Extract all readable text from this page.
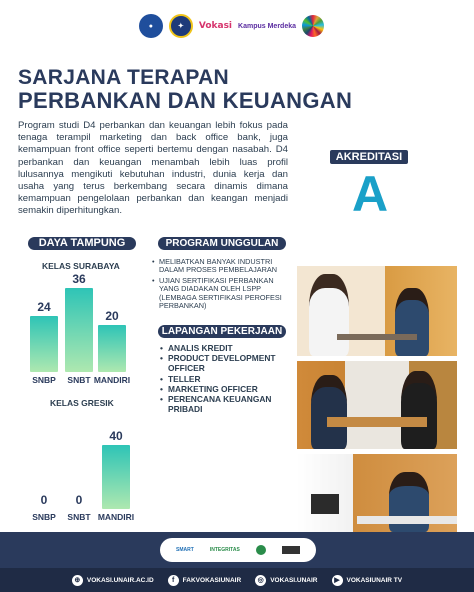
●	✦	Vokasi Kampus Merdeka
SARJANA TERAPAN
PERBANKAN DAN KEUANGAN
Program studi D4 perbankan dan keuangan lebih fokus pada tenaga terampil marketing dan back office bank, juga kemampuan front office seperti bertemu dengan nasabah. D4 perbankan dan keuangan menambah lebih luas profil lulusannya mengikuti kebutuhan industri, dunia kerja dan usaha yang terus berkembang secara dinamis dimana kemampuan pengelolaan perbankan dan keangan menjadi semakin diperhitungkan.
AKREDITASI
A
DAYA TAMPUNG
KELAS SURABAYA
KELAS GRESIK
24
SNBP
36
SNBT
20
MANDIRI
0
SNBP
0
SNBT
40
MANDIRI
PROGRAM UNGGULAN
• MELIBATKAN BANYAK INDUSTRI DALAM PROSES PEMBELAJARAN
• UJIAN SERTIFIKASI PERBANKAN YANG DIADAKAN OLEH LSPP (LEMBAGA SERTIFIKASI PEROFESI PERBANKAN)
LAPANGAN PEKERJAAN
• ANALIS KREDIT
• PRODUCT DEVELOPMENT OFFICER
• TELLER
• MARKETING OFFICER
• PERENCANA KEUANGAN PRIBADI
SMART	INTEGRITAS
⊕	VOKASI.UNAIR.AC.ID	f	FAKVOKASIUNAIR	◎ VOKASI.UNAIR	▶	VOKASIUNAIR TV
